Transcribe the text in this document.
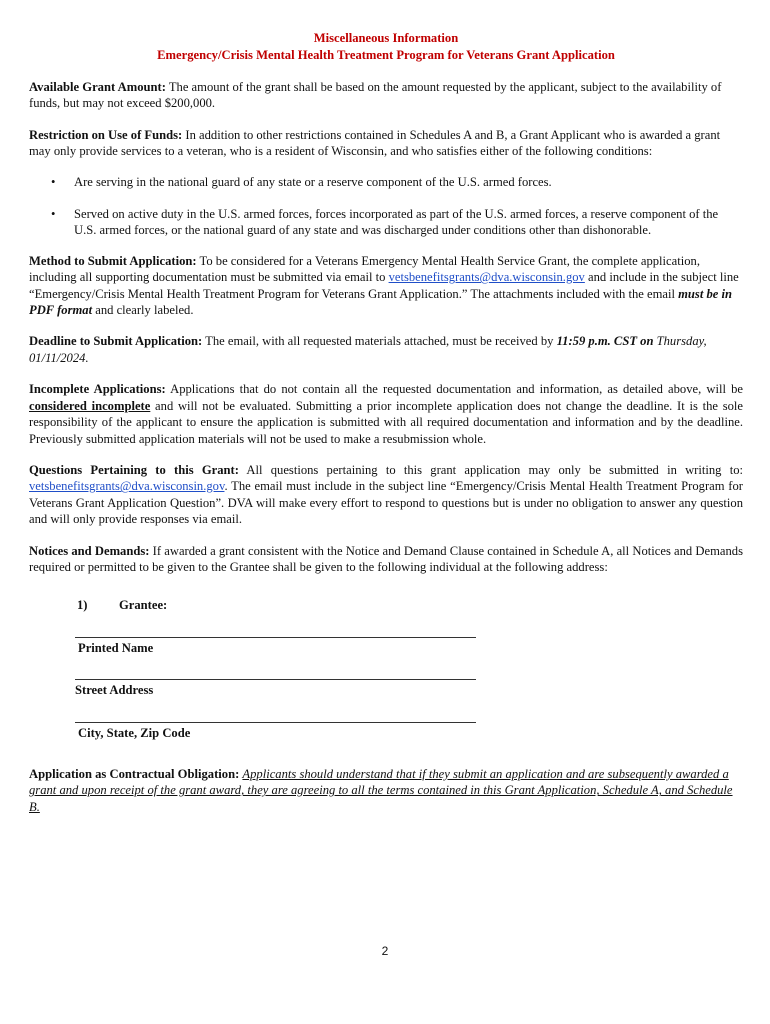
Miscellaneous Information
Emergency/Crisis Mental Health Treatment Program for Veterans Grant Application

Available Grant Amount: The amount of the grant shall be based on the amount requested by the applicant, subject to the availability of funds, but may not exceed $200,000.

Restriction on Use of Funds: In addition to other restrictions contained in Schedules A and B, a Grant Applicant who is awarded a grant may only provide services to a veteran, who is a resident of Wisconsin, and who satisfies either of the following conditions:

• Are serving in the national guard of any state or a reserve component of the U.S. armed forces.
• Served on active duty in the U.S. armed forces, forces incorporated as part of the U.S. armed forces, a reserve component of the U.S. armed forces, or the national guard of any state and was discharged under conditions other than dishonorable.

Method to Submit Application: To be considered for a Veterans Emergency Mental Health Service Grant, the complete application, including all supporting documentation must be submitted via email to vetsbenefitsgrants@dva.wisconsin.gov and include in the subject line “Emergency/Crisis Mental Health Treatment Program for Veterans Grant Application.” The attachments included with the email must be in PDF format and clearly labeled.

Deadline to Submit Application: The email, with all requested materials attached, must be received by 11:59 p.m. CST on Thursday, 01/11/2024.

Incomplete Applications: Applications that do not contain all the requested documentation and information, as detailed above, will be considered incomplete and will not be evaluated. Submitting a prior incomplete application does not change the deadline. It is the sole responsibility of the applicant to ensure the application is submitted with all required documentation and information and by the deadline. Previously submitted application materials will not be used to make a resubmission whole.

Questions Pertaining to this Grant: All questions pertaining to this grant application may only be submitted in writing to: vetsbenefitsgrants@dva.wisconsin.gov. The email must include in the subject line “Emergency/Crisis Mental Health Treatment Program for Veterans Grant Application Question”. DVA will make every effort to respond to questions but is under no obligation to answer any question and will only provide responses via email.

Notices and Demands: If awarded a grant consistent with the Notice and Demand Clause contained in Schedule A, all Notices and Demands required or permitted to be given to the Grantee shall be given to the following individual at the following address:

1)	Grantee:
Printed Name
Street Address
City, State, Zip Code

Application as Contractual Obligation: Applicants should understand that if they submit an application and are subsequently awarded a grant and upon receipt of the grant award, they are agreeing to all the terms contained in this Grant Application, Schedule A, and Schedule B.

2
